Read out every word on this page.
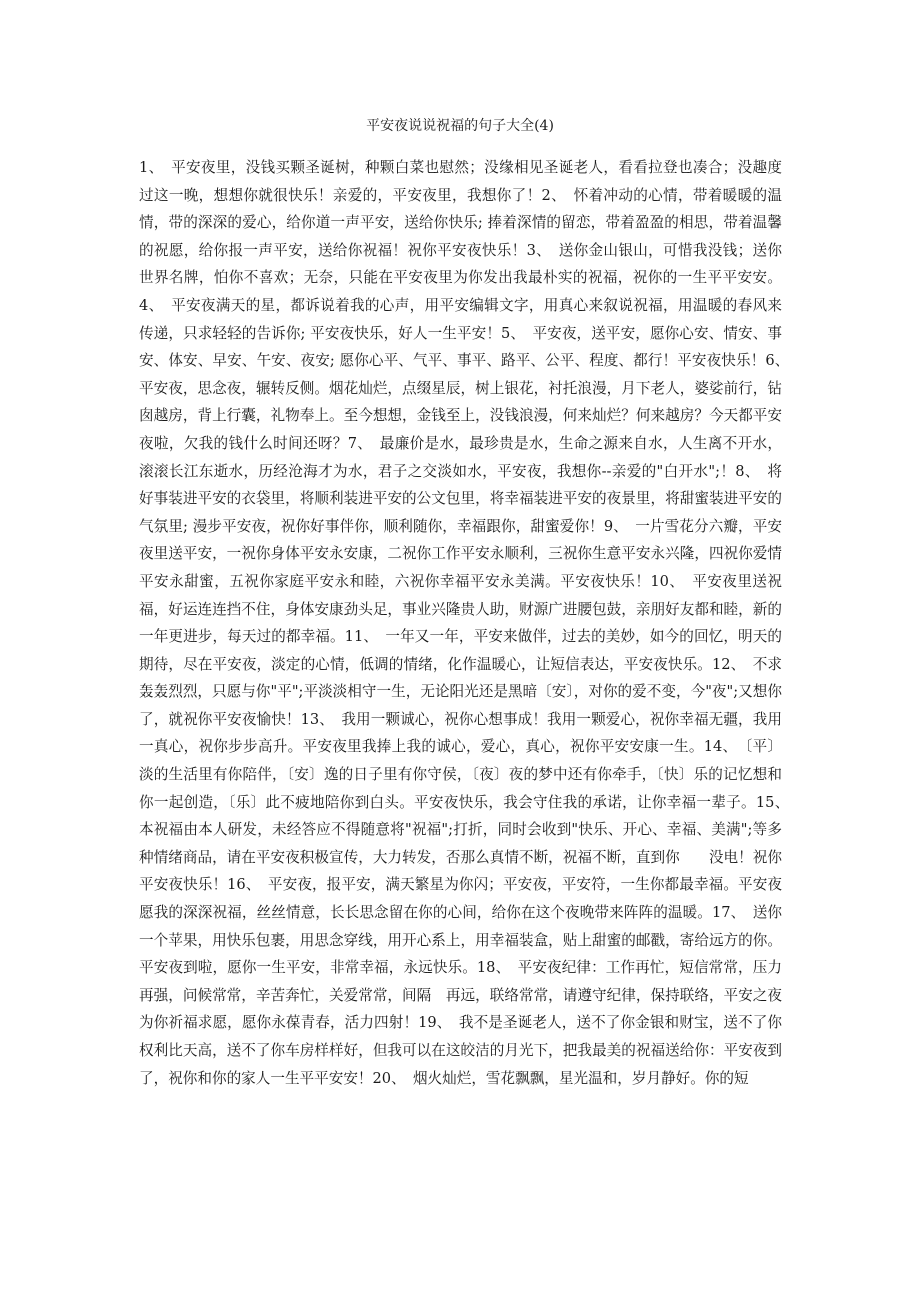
平安夜说说祝福的句子大全(4)

1、　平安夜里，没钱买颗圣诞树，种颗白菜也慰然；没缘相见圣诞老人，看看拉登也凑合；没趣度过这一晚，想想你就很快乐！亲爱的，平安夜里，我想你了！2、　怀着冲动的心情，带着暖暖的温情，带的深深的爱心，给你道一声平安，送给你快乐; 捧着深情的留恋，带着盈盈的相思，带着温馨的祝愿，给你报一声平安，送给你祝福！祝你平安夜快乐！3、　送你金山银山，可惜我没钱；送你世界名牌，怕你不喜欢；无奈，只能在平安夜里为你发出我最朴实的祝福，祝你的一生平平安安。4、　平安夜满天的星，都诉说着我的心声，用平安编辑文字，用真心来叙说祝福，用温暖的春风来传递，只求轻轻的告诉你; 平安夜快乐，好人一生平安！5、　平安夜，送平安，愿你心安、情安、事安、体安、早安、午安、夜安; 愿你心平、气平、事平、路平、公平、程度、都行！平安夜快乐！6、　平安夜，思念夜，辗转反侧。烟花灿烂，点缀星辰，树上银花，衬托浪漫，月下老人，婆娑前行，钻囱越房，背上行囊，礼物奉上。至今想想，金钱至上，没钱浪漫，何来灿烂？何来越房？今天都平安夜啦，欠我的钱什么时间还呀？7、　最廉价是水，最珍贵是水，生命之源来自水，人生离不开水，滚滚长江东逝水，历经沧海才为水，君子之交淡如水，平安夜，我想你--亲爱的"白开水";！8、　将好事装进平安的衣袋里，将顺利装进平安的公文包里，将幸福装进平安的夜景里，将甜蜜装进平安的气氛里; 漫步平安夜，祝你好事伴你，顺利随你，幸福跟你，甜蜜爱你！9、　一片雪花分六瓣，平安夜里送平安，一祝你身体平安永安康，二祝你工作平安永顺利，三祝你生意平安永兴隆，四祝你爱情平安永甜蜜，五祝你家庭平安永和睦，六祝你幸福平安永美满。平安夜快乐！10、　平安夜里送祝福，好运连连挡不住，身体安康劲头足，事业兴隆贵人助，财源广进腰包鼓，亲朋好友都和睦，新的一年更进步，每天过的都幸福。11、　一年又一年，平安来做伴，过去的美妙，如今的回忆，明天的期待，尽在平安夜，淡定的心情，低调的情绪，化作温暖心，让短信表达，平安夜快乐。12、　不求轰轰烈烈，只愿与你"平";平淡淡相守一生，无论阳光还是黑暗〔安〕，对你的爱不变，今"夜";又想你了，就祝你平安夜愉快！13、　我用一颗诚心，祝你心想事成！我用一颗爱心，祝你幸福无疆，我用一真心，祝你步步高升。平安夜里我捧上我的诚心，爱心，真心，祝你平安安康一生。14、　〔平〕淡的生活里有你陪伴，〔安〕逸的日子里有你守侯，〔夜〕夜的梦中还有你牵手，〔快〕乐的记忆想和你一起创造，〔乐〕此不疲地陪你到白头。平安夜快乐，我会守住我的承诺，让你幸福一辈子。15、　本祝福由本人研发，未经答应不得随意将"祝福";打折，同时会收到"快乐、开心、幸福、美满";等多种情绪商品，请在平安夜积极宣传，大力转发，否那么真情不断，祝福不断，直到你　　没电！祝你平安夜快乐！16、　平安夜，报平安，满天繁星为你闪；平安夜，平安符，一生你都最幸福。平安夜愿我的深深祝福，丝丝情意，长长思念留在你的心间，给你在这个夜晚带来阵阵的温暖。17、　送你一个苹果，用快乐包裹，用思念穿线，用开心系上，用幸福装盒，贴上甜蜜的邮戳，寄给远方的你。平安夜到啦，愿你一生平安，非常幸福，永远快乐。18、　平安夜纪律：工作再忙，短信常常，压力再强，问候常常，辛苦奔忙，关爱常常，间隔　再远，联络常常，请遵守纪律，保持联络，平安之夜为你祈福求愿，愿你永葆青春，活力四射！19、　我不是圣诞老人，送不了你金银和财宝，送不了你权利比天高，送不了你车房样样好，但我可以在这皎洁的月光下，把我最美的祝福送给你：平安夜到了，祝你和你的家人一生平平安安！20、　烟火灿烂，雪花飘飘，星光温和，岁月静好。你的短
